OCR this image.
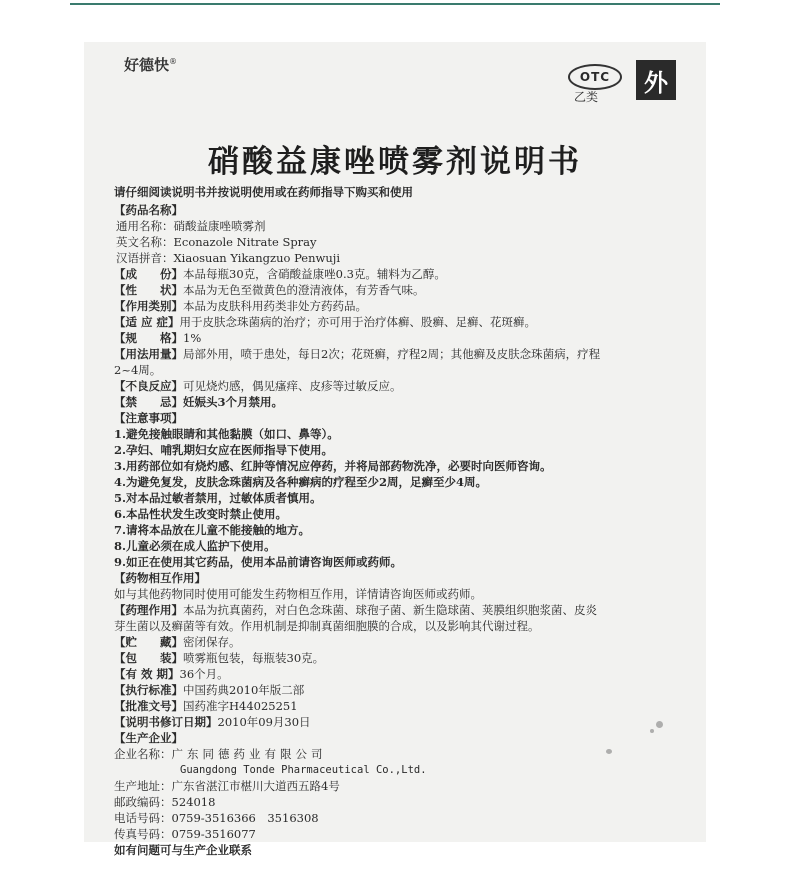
好德快®
OTC
乙类
外
硝酸益康唑喷雾剂说明书
请仔细阅读说明书并按说明使用或在药师指导下购买和使用
【药品名称】
通用名称：硝酸益康唑喷雾剂
英文名称：Econazole Nitrate Spray
汉语拼音：Xiaosuan Yikangzuo Penwuji
【成　　份】本品每瓶30克，含硝酸益康唑0.3克。辅料为乙醇。
【性　　状】本品为无色至微黄色的澄清液体，有芳香气味。
【作用类别】本品为皮肤科用药类非处方药药品。
【适 应 症】用于皮肤念珠菌病的治疗；亦可用于治疗体癣、股癣、足癣、花斑癣。
【规　　格】1%
【用法用量】局部外用，喷于患处，每日2次；花斑癣，疗程2周；其他癣及皮肤念珠菌病，疗程
2~4周。
【不良反应】可见烧灼感，偶见瘙痒、皮疹等过敏反应。
【禁　　忌】妊娠头3个月禁用。
【注意事项】
1.避免接触眼睛和其他黏膜（如口、鼻等）。
2.孕妇、哺乳期妇女应在医师指导下使用。
3.用药部位如有烧灼感、红肿等情况应停药，并将局部药物洗净，必要时向医师咨询。
4.为避免复发，皮肤念珠菌病及各种癣病的疗程至少2周，足癣至少4周。
5.对本品过敏者禁用，过敏体质者慎用。
6.本品性状发生改变时禁止使用。
7.请将本品放在儿童不能接触的地方。
8.儿童必须在成人监护下使用。
9.如正在使用其它药品，使用本品前请咨询医师或药师。
【药物相互作用】
如与其他药物同时使用可能发生药物相互作用，详情请咨询医师或药师。
【药理作用】本品为抗真菌药，对白色念珠菌、球孢子菌、新生隐球菌、荚膜组织胞浆菌、皮炎
芽生菌以及癣菌等有效。作用机制是抑制真菌细胞膜的合成，以及影响其代谢过程。
【贮　　藏】密闭保存。
【包　　装】喷雾瓶包装，每瓶装30克。
【有 效 期】36个月。
【执行标准】中国药典2010年版二部
【批准文号】国药准字H44025251
【说明书修订日期】2010年09月30日
【生产企业】
企业名称：广东同德药业有限公司
Guangdong Tonde Pharmaceutical Co.,Ltd.
生产地址：广东省湛江市椹川大道西五路4号
邮政编码：524018
电话号码：0759-3516366　3516308
传真号码：0759-3516077
如有问题可与生产企业联系
